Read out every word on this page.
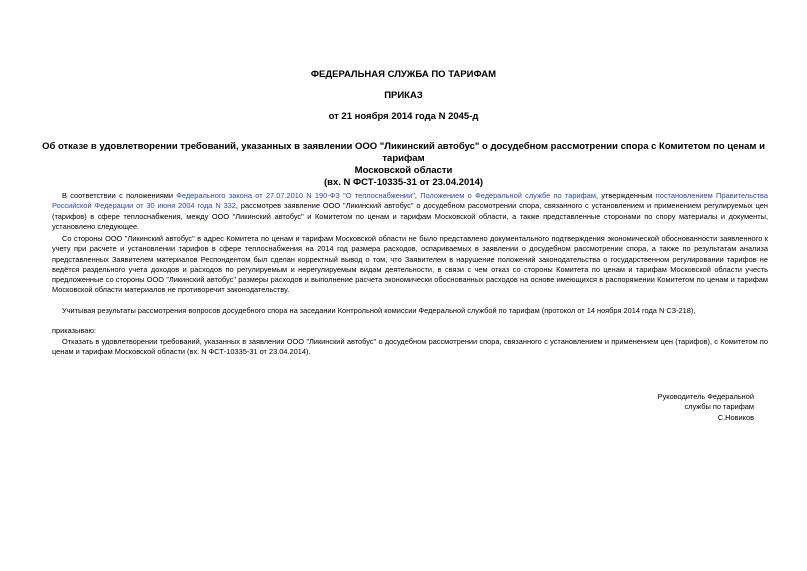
ФЕДЕРАЛЬНАЯ СЛУЖБА ПО ТАРИФАМ
ПРИКАЗ
от 21 ноября 2014 года N 2045-д
Об отказе в удовлетворении требований, указанных в заявлении ООО "Ликинский автобус" о досудебном рассмотрении спора с Комитетом по ценам и тарифам
Московской области
(вх. N ФСТ-10335-31 от 23.04.2014)
В соответствии с положениями Федерального закона от 27.07.2010 N 190-ФЗ "О теплоснабжении", Положением о Федеральной службе по тарифам, утвержденным постановлением Правительства Российской Федерации от 30 июня 2004 года N 332, рассмотрев заявление ООО "Ликинский автобус" о досудебном рассмотрении спора, связанного с установлением и применением регулируемых цен (тарифов) в сфере теплоснабжения, между ООО "Ликинский автобус" и Комитетом по ценам и тарифам Московской области, а также представленные сторонами по спору материалы и документы, установлено следующее.
Со стороны ООО "Ликинский автобус" в адрес Комитета по ценам и тарифам Московской области не было представлено документального подтверждения экономической обоснованности заявленного к учету при расчете и установлении тарифов в сфере теплоснабжения на 2014 год размера расходов, оспариваемых в заявлении о досудебном рассмотрении спора, а также по результатам анализа представленных Заявителем материалов Респондентом был сделан корректный вывод о том, что Заявителем в нарушение положений законодательства о государственном регулировании тарифов не ведётся раздельного учета доходов и расходов по регулируемым и нерегулируемым видам деятельности, в связи с чем отказ со стороны Комитета по ценам и тарифам Московской области учесть предложенные со стороны ООО "Ликинский автобус" размеры расходов и выполнение расчета экономически обоснованных расходов на основе имеющихся в распоряжении Комитетом по ценам и тарифам Московской области материалов не противоречит законодательству.
Учитывая результаты рассмотрения вопросов досудебного спора на заседании Контрольной комиссии Федеральной службой по тарифам (протокол от 14 ноября 2014 года N СЗ-218),
приказываю:
Отказать в удовлетворении требований, указанных в заявлении ООО "Ликинский автобус" о досудебном рассмотрении спора, связанного с установлением и применением цен (тарифов), с Комитетом по ценам и тарифам Московской области (вх. N ФСТ-10335-31 от 23.04.2014).
Руководитель Федеральной
службы по тарифам
С.Новиков
